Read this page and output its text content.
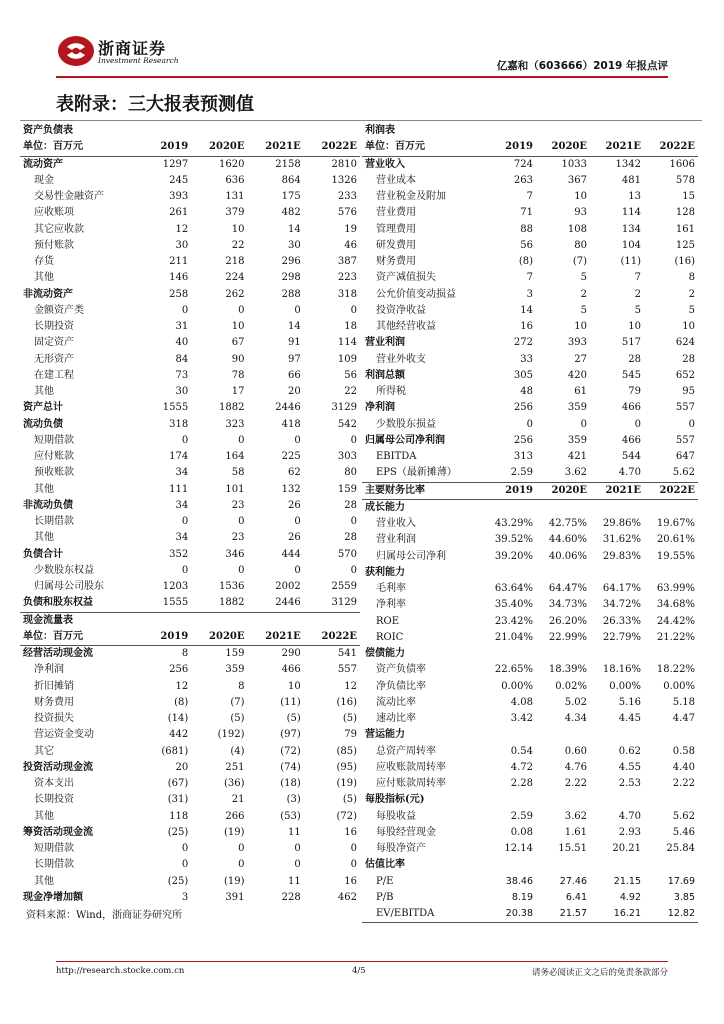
浙商证券
Investment Research	亿嘉和（603666）2019 年报点评
表附录：三大报表预测值
资产负债表				
单位：百万元	2019	2020E	2021E	2022E
流动资产	1297	1620	2158	2810
现金	245	636	864	1326
交易性金融资产	393	131	175	233
应收账项	261	379	482	576
其它应收款	12	10	14	19
预付账款	30	22	30	46
存货	211	218	296	387
其他	146	224	298	223
非流动资产	258	262	288	318
金额资产类	0	0	0	0
长期投资	31	10	14	18
固定资产	40	67	91	114
无形资产	84	90	97	109
在建工程	73	78	66	56
其他	30	17	20	22
资产总计	1555	1882	2446	3129
流动负债	318	323	418	542
短期借款	0	0	0	0
应付账款	174	164	225	303
预收账款	34	58	62	80
其他	111	101	132	159
非流动负债	34	23	26	28
长期借款	0	0	0	0
其他	34	23	26	28
负债合计	352	346	444	570
少数股东权益	0	0	0	0
归属母公司股东	1203	1536	2002	2559
负债和股东权益	1555	1882	2446	3129
现金流量表				
单位：百万元	2019	2020E	2021E	2022E
经营活动现金流	8	159	290	541
净利润	256	359	466	557
折旧摊销	12	8	10	12
财务费用	(8)	(7)	(11)	(16)
投资损失	(14)	(5)	(5)	(5)
营运资金变动	442	(192)	(97)	79
其它	(681)	(4)	(72)	(85)
投资活动现金流	20	251	(74)	(95)
资本支出	(67)	(36)	(18)	(19)
长期投资	(31)	21	(3)	(5)
其他	118	266	(53)	(72)
筹资活动现金流	(25)	(19)	11	16
短期借款	0	0	0	0
长期借款	0	0	0	0
其他	(25)	(19)	11	16
现金净增加额	3	391	228	462
利润表				
单位：百万元	2019	2020E	2021E	2022E
营业收入	724	1033	1342	1606
营业成本	263	367	481	578
营业税金及附加	7	10	13	15
营业费用	71	93	114	128
管理费用	88	108	134	161
研发费用	56	80	104	125
财务费用	(8)	(7)	(11)	(16)
资产减值损失	7	5	7	8
公允价值变动损益	3	2	2	2
投资净收益	14	5	5	5
其他经营收益	16	10	10	10
营业利润	272	393	517	624
营业外收支	33	27	28	28
利润总额	305	420	545	652
所得税	48	61	79	95
净利润	256	359	466	557
少数股东损益	0	0	0	0
归属母公司净利润	256	359	466	557
EBITDA	313	421	544	647
EPS（最新摊薄）	2.59	3.62	4.70	5.62
主要财务比率	2019	2020E	2021E	2022E
成长能力				
营业收入	43.29%	42.75%	29.86%	19.67%
营业利润	39.52%	44.60%	31.62%	20.61%
归属母公司净利	39.20%	40.06%	29.83%	19.55%
获利能力				
毛利率	63.64%	64.47%	64.17%	63.99%
净利率	35.40%	34.73%	34.72%	34.68%
ROE	23.42%	26.20%	26.33%	24.42%
ROIC	21.04%	22.99%	22.79%	21.22%
偿债能力				
资产负债率	22.65%	18.39%	18.16%	18.22%
净负债比率	0.00%	0.02%	0.00%	0.00%
流动比率	4.08	5.02	5.16	5.18
速动比率	3.42	4.34	4.45	4.47
营运能力				
总资产周转率	0.54	0.60	0.62	0.58
应收账款周转率	4.72	4.76	4.55	4.40
应付账款周转率	2.28	2.22	2.53	2.22
每股指标(元)				
每股收益	2.59	3.62	4.70	5.62
每股经营现金	0.08	1.61	2.93	5.46
每股净资产	12.14	15.51	20.21	25.84
估值比率				
P/E	38.46	27.46	21.15	17.69
P/B	8.19	6.41	4.92	3.85
EV/EBITDA	20.38	21.57	16.21	12.82
资料来源：Wind，浙商证券研究所
http://research.stocke.com.cn	4/5	请务必阅读正文之后的免责条款部分
